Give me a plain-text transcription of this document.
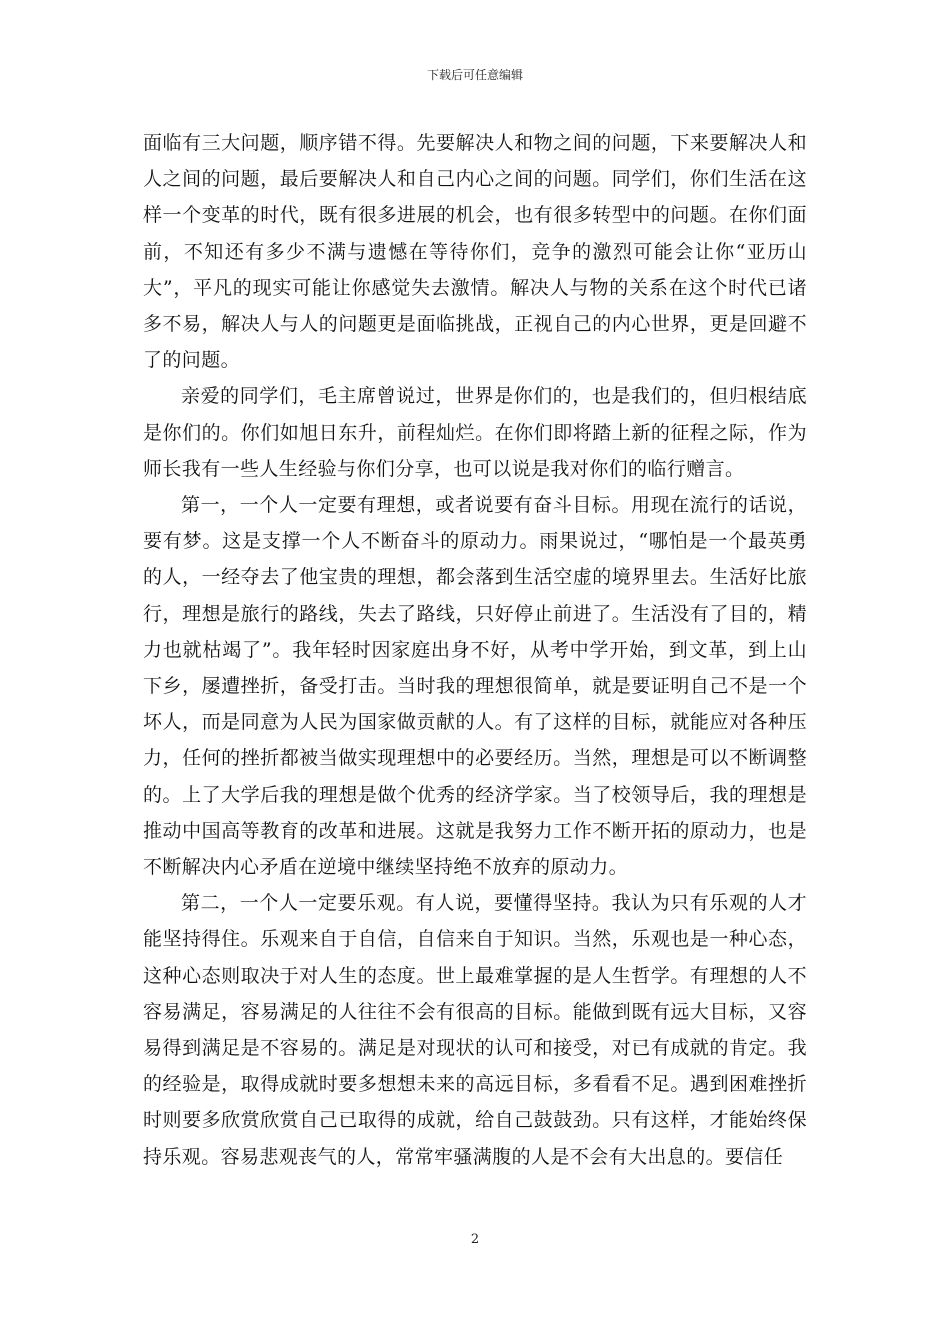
下载后可任意编辑

面临有三大问题，顺序错不得。先要解决人和物之间的问题，下来要解决人和人之间的问题，最后要解决人和自己内心之间的问题。同学们，你们生活在这样一个变革的时代，既有很多进展的机会，也有很多转型中的问题。在你们面前，不知还有多少不满与遗憾在等待你们，竞争的激烈可能会让你“亚历山大”，平凡的现实可能让你感觉失去激情。解决人与物的关系在这个时代已诸多不易，解决人与人的问题更是面临挑战，正视自己的内心世界，更是回避不了的问题。

亲爱的同学们，毛主席曾说过，世界是你们的，也是我们的，但归根结底是你们的。你们如旭日东升，前程灿烂。在你们即将踏上新的征程之际，作为师长我有一些人生经验与你们分享，也可以说是我对你们的临行赠言。

第一，一个人一定要有理想，或者说要有奋斗目标。用现在流行的话说，要有梦。这是支撑一个人不断奋斗的原动力。雨果说过，“哪怕是一个最英勇的人，一经夺去了他宝贵的理想，都会落到生活空虚的境界里去。生活好比旅行，理想是旅行的路线，失去了路线，只好停止前进了。生活没有了目的，精力也就枯竭了”。我年轻时因家庭出身不好，从考中学开始，到文革，到上山下乡，屡遭挫折，备受打击。当时我的理想很简单，就是要证明自己不是一个坏人，而是同意为人民为国家做贡献的人。有了这样的目标，就能应对各种压力，任何的挫折都被当做实现理想中的必要经历。当然，理想是可以不断调整的。上了大学后我的理想是做个优秀的经济学家。当了校领导后，我的理想是推动中国高等教育的改革和进展。这就是我努力工作不断开拓的原动力，也是不断解决内心矛盾在逆境中继续坚持绝不放弃的原动力。

第二，一个人一定要乐观。有人说，要懂得坚持。我认为只有乐观的人才能坚持得住。乐观来自于自信，自信来自于知识。当然，乐观也是一种心态，这种心态则取决于对人生的态度。世上最难掌握的是人生哲学。有理想的人不容易满足，容易满足的人往往不会有很高的目标。能做到既有远大目标，又容易得到满足是不容易的。满足是对现状的认可和接受，对已有成就的肯定。我的经验是，取得成就时要多想想未来的高远目标，多看看不足。遇到困难挫折时则要多欣赏欣赏自己已取得的成就，给自己鼓鼓劲。只有这样，才能始终保持乐观。容易悲观丧气的人，常常牢骚满腹的人是不会有大出息的。要信任

2
